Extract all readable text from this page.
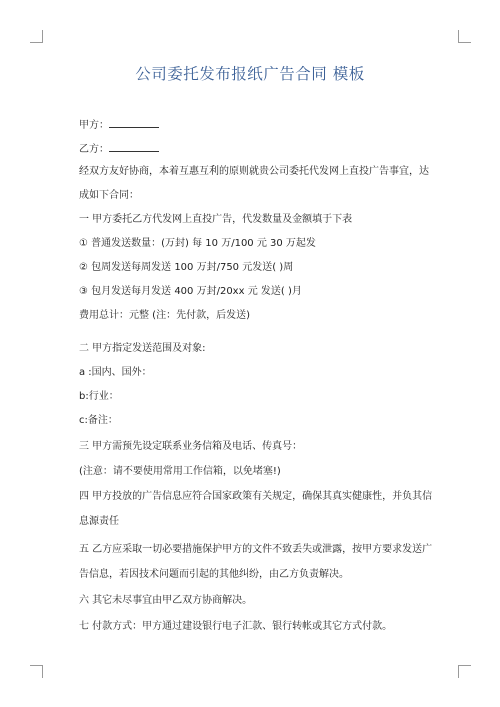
公司委托发布报纸广告合同 模板
甲方：
乙方：
经双方友好协商，本着互惠互利的原则就贵公司委托代发网上直投广告事宜，达
成如下合同：
一 甲方委托乙方代发网上直投广告，代发数量及金额填于下表
① 普通发送数量：(万封) 每 10 万/100 元 30 万起发
② 包周发送每周发送 100 万封/750 元发送( )周
③ 包月发送每月发送 400 万封/20xx 元 发送( )月
费用总计：元整 (注：先付款，后发送)
二 甲方指定发送范围及对象:
a :国内、国外：
b:行业：
c:备注：
三 甲方需预先设定联系业务信箱及电话、传真号：
(注意：请不要使用常用工作信箱，以免堵塞!)
四 甲方投放的广告信息应符合国家政策有关规定，确保其真实健康性，并负其信
息源责任
五 乙方应采取一切必要措施保护甲方的文件不致丢失或泄露，按甲方要求发送广
告信息，若因技术问题而引起的其他纠纷，由乙方负责解决。
六 其它未尽事宜由甲乙双方协商解决。
七 付款方式：甲方通过建设银行电子汇款、银行转帐或其它方式付款。
